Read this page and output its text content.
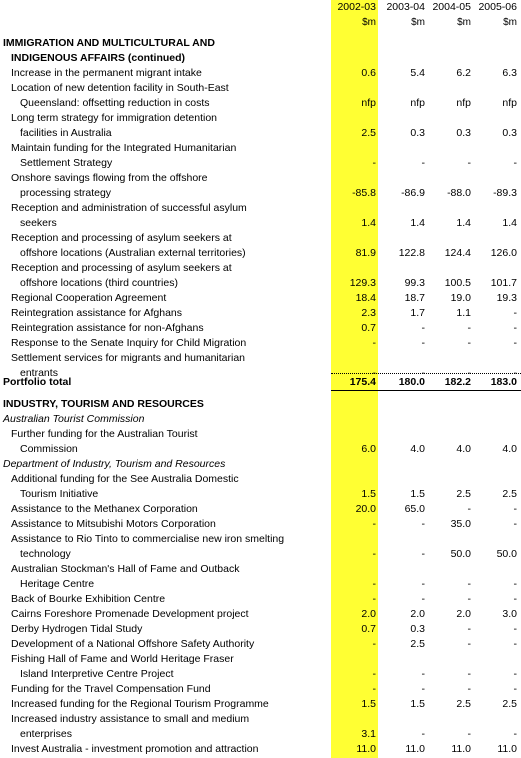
2002-03 2003-04 2004-05 2005-06
$m	$m	$m	$m
IMMIGRATION AND MULTICULTURAL AND
INDIGENOUS AFFAIRS (continued)
Increase in the permanent migrant intake	0.6	5.4	6.2	6.3
Location of new detention facility in South-East
Queensland: offsetting reduction in costs	nfp	nfp	nfp	nfp
Long term strategy for immigration detention
facilities in Australia	2.5	0.3	0.3	0.3
Maintain funding for the Integrated Humanitarian
Settlement Strategy	-	-	-	-
Onshore savings flowing from the offshore
processing strategy	-85.8	-86.9	-88.0	-89.3
Reception and administration of successful asylum
seekers	1.4	1.4	1.4	1.4
Reception and processing of asylum seekers at
offshore locations (Australian external territories)	81.9	122.8	124.4	126.0
Reception and processing of asylum seekers at
offshore locations (third countries)	129.3	99.3	100.5	101.7
Regional Cooperation Agreement	18.4	18.7	19.0	19.3
Reintegration assistance for Afghans	2.3	1.7	1.1	-
Reintegration assistance for non-Afghans	0.7	-	-	-
Response to the Senate Inquiry for Child Migration	-	-	-	-
Settlement services for migrants and humanitarian
entrants	-	-	-	-
Portfolio total	175.4	180.0	182.2	183.0
INDUSTRY, TOURISM AND RESOURCES
Australian Tourist Commission
Further funding for the Australian Tourist
Commission	6.0	4.0	4.0	4.0
Department of Industry, Tourism and Resources
Additional funding for the See Australia Domestic
Tourism Initiative	1.5	1.5	2.5	2.5
Assistance to the Methanex Corporation	20.0	65.0	-	-
Assistance to Mitsubishi Motors Corporation	-	-	35.0	-
Assistance to Rio Tinto to commercialise new iron smelting
technology	-	-	50.0	50.0
Australian Stockman's Hall of Fame and Outback
Heritage Centre	-	-	-	-
Back of Bourke Exhibition Centre	-	-	-	-
Cairns Foreshore Promenade Development project	2.0	2.0	2.0	3.0
Derby Hydrogen Tidal Study	0.7	0.3	-	-
Development of a National Offshore Safety Authority	-	2.5	-	-
Fishing Hall of Fame and World Heritage Fraser
Island Interpretive Centre Project	-	-	-	-
Funding for the Travel Compensation Fund	-	-	-	-
Increased funding for the Regional Tourism Programme	1.5	1.5	2.5	2.5
Increased industry assistance to small and medium
enterprises	3.1	-	-	-
Invest Australia - investment promotion and attraction	11.0	11.0	11.0	11.0
